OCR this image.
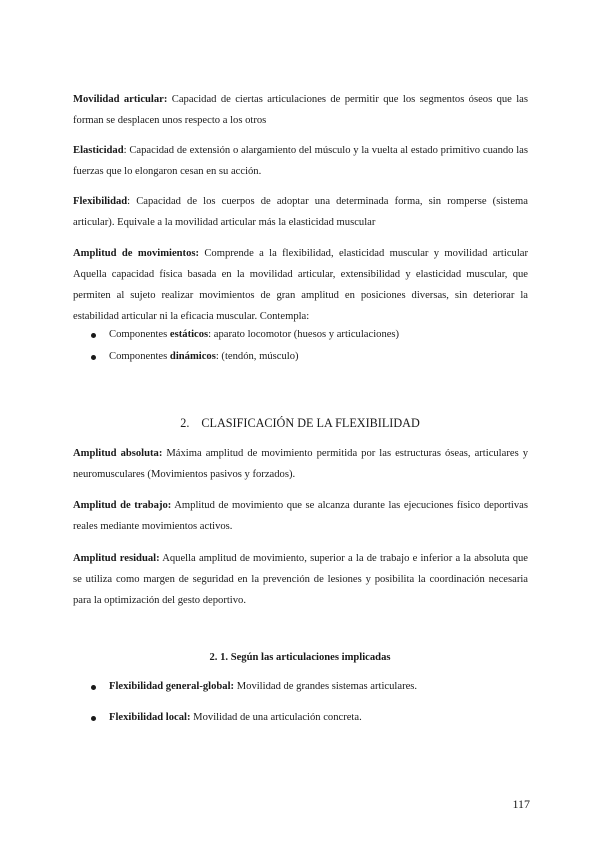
Movilidad articular: Capacidad de ciertas articulaciones de permitir que los segmentos óseos que las forman se desplacen unos respecto a los otros

Elasticidad: Capacidad de extensión o alargamiento del músculo y la vuelta al estado primitivo cuando las fuerzas que lo elongaron cesan en su acción.

Flexibilidad: Capacidad de los cuerpos de adoptar una determinada forma, sin romperse (sistema articular). Equivale a la movilidad articular más la elasticidad muscular

Amplitud de movimientos: Comprende a la flexibilidad, elasticidad muscular y movilidad articular Aquella capacidad física basada en la movilidad articular, extensibilidad y elasticidad muscular, que permiten al sujeto realizar movimientos de gran amplitud en posiciones diversas, sin deteriorar la estabilidad articular ni la eficacia muscular. Contempla:

Componentes estáticos: aparato locomotor (huesos y articulaciones)
Componentes dinámicos: (tendón, músculo)
2. CLASIFICACIÓN DE LA FLEXIBILIDAD

Amplitud absoluta: Máxima amplitud de movimiento permitida por las estructuras óseas, articulares y neuromusculares (Movimientos pasivos y forzados).

Amplitud de trabajo: Amplitud de movimiento que se alcanza durante las ejecuciones físico deportivas reales mediante movimientos activos.

Amplitud residual: Aquella amplitud de movimiento, superior a la de trabajo e inferior a la absoluta que se utiliza como margen de seguridad en la prevención de lesiones y posibilita la coordinación necesaria para la optimización del gesto deportivo.

2. 1. Según las articulaciones implicadas
Flexibilidad general-global: Movilidad de grandes sistemas articulares.
Flexibilidad local: Movilidad de una articulación concreta.
117
